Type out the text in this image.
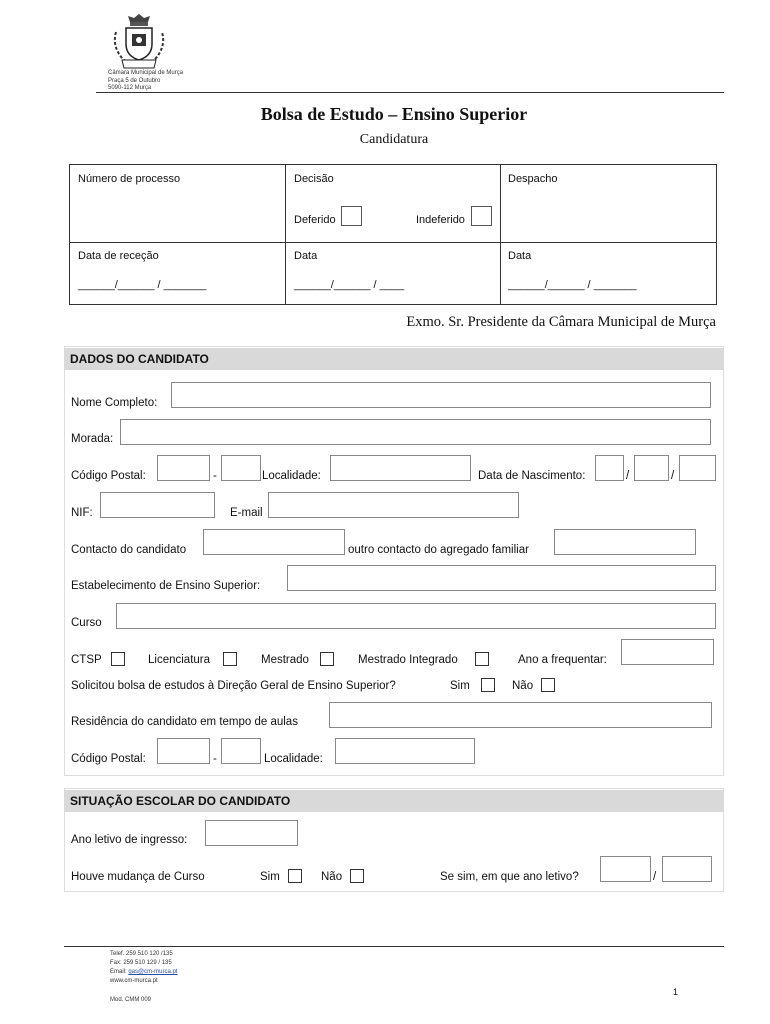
Câmara Municipal de Murça
Praça 5 de Outubro
5090-112 Murça
Bolsa de Estudo – Ensino Superior
Candidatura
Número de processo	Decisão	Despacho
Deferido	Indeferido
Data de receção	Data	Data
______/______ / _______	______/______ / ____	______/______ / _______
Exmo. Sr. Presidente da Câmara Municipal de Murça
DADOS DO CANDIDATO
Nome Completo:
Morada:
Código Postal:	-	Localidade:	Data de Nascimento:	/	/
NIF:	E-mail
Contacto do candidato	outro contacto do agregado familiar
Estabelecimento de Ensino Superior:
Curso
CTSP	Licenciatura	Mestrado	Mestrado Integrado	Ano a frequentar:
Solicitou bolsa de estudos à Direção Geral de Ensino Superior?	Sim	Não
Residência do candidato em tempo de aulas
Código Postal:	-	Localidade:
SITUAÇÃO ESCOLAR DO CANDIDATO
Ano letivo de ingresso:
Houve mudança de Curso	Sim	Não	Se sim, em que ano letivo?	/
Telef. 259 510 120 /135
Fax: 259 510 129 / 135
Email: gas@cm-murca.pt
www.cm-murca.pt
Mod. CMM 009
1
